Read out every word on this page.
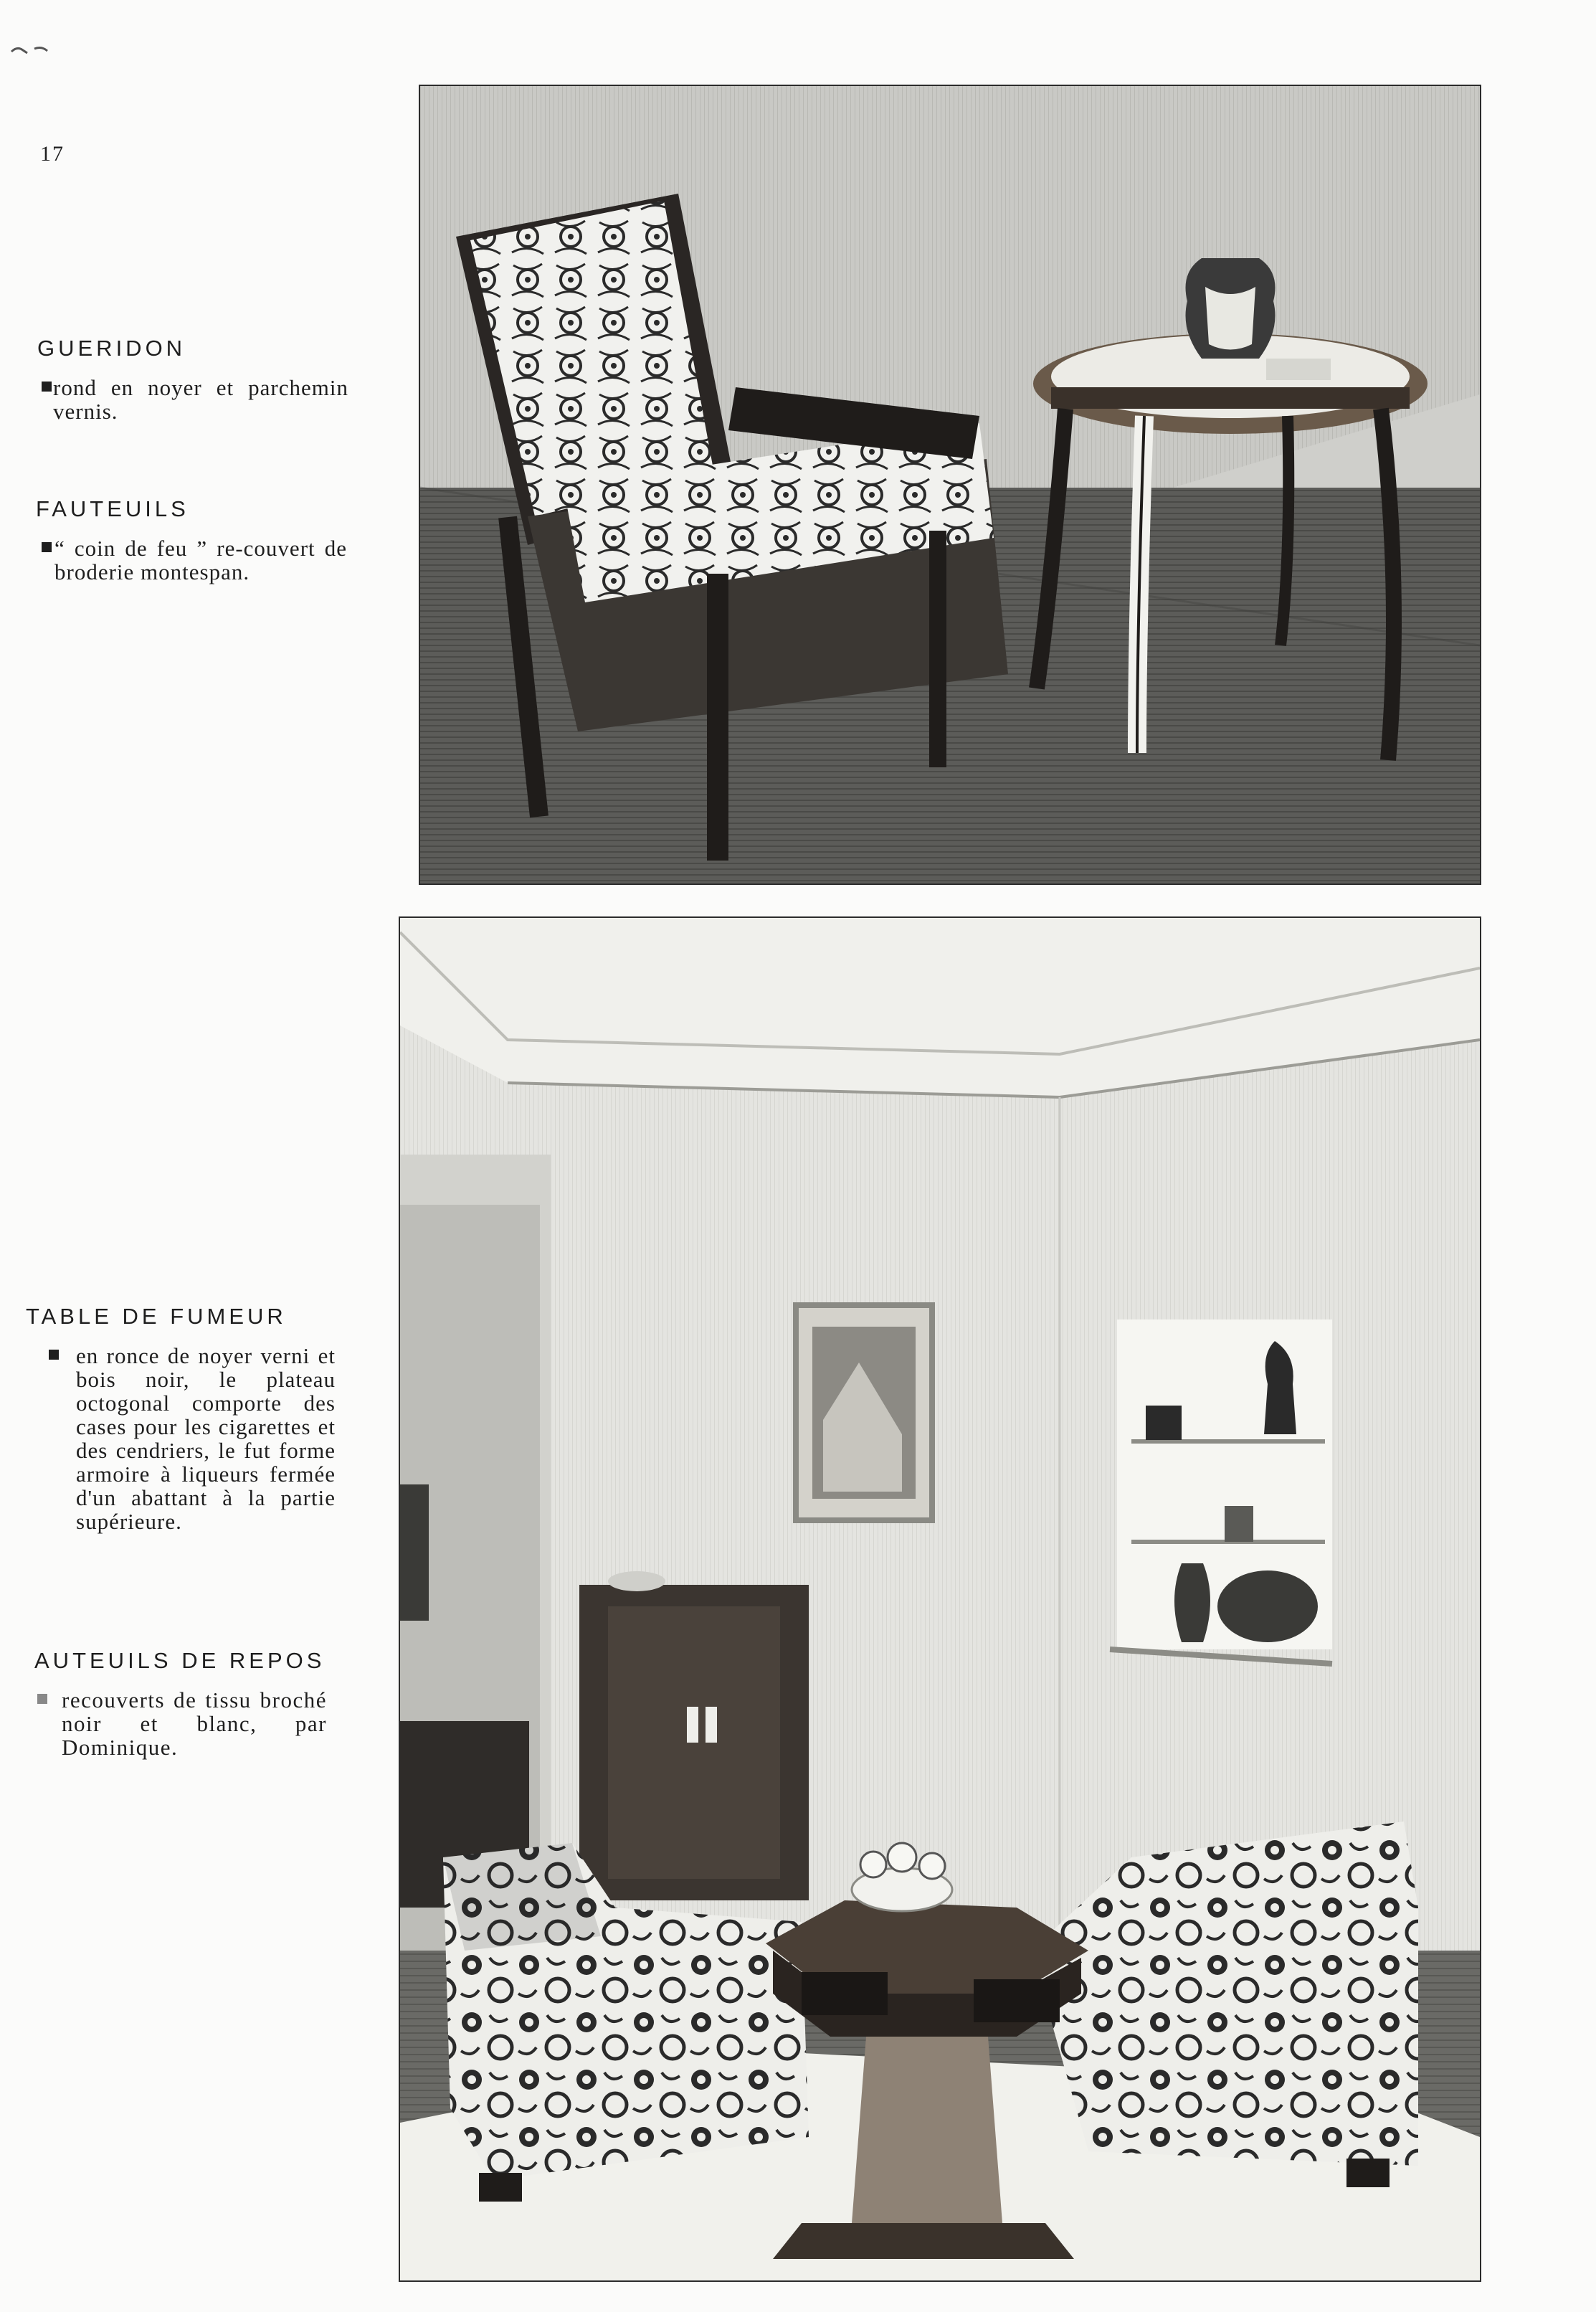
17
GUERIDON
rond en noyer et parchemin vernis.
FAUTEUILS
“ coin de feu ” re-couvert de broderie montespan.
TABLE DE FUMEUR
en ronce de noyer verni et bois noir, le plateau octogonal comporte des cases pour les cigarettes et des cendriers, le fut forme armoire à liqueurs fermée d'un abattant à la partie supérieure.
AUTEUILS DE REPOS
recouverts de tissu broché noir et blanc, par Dominique.
